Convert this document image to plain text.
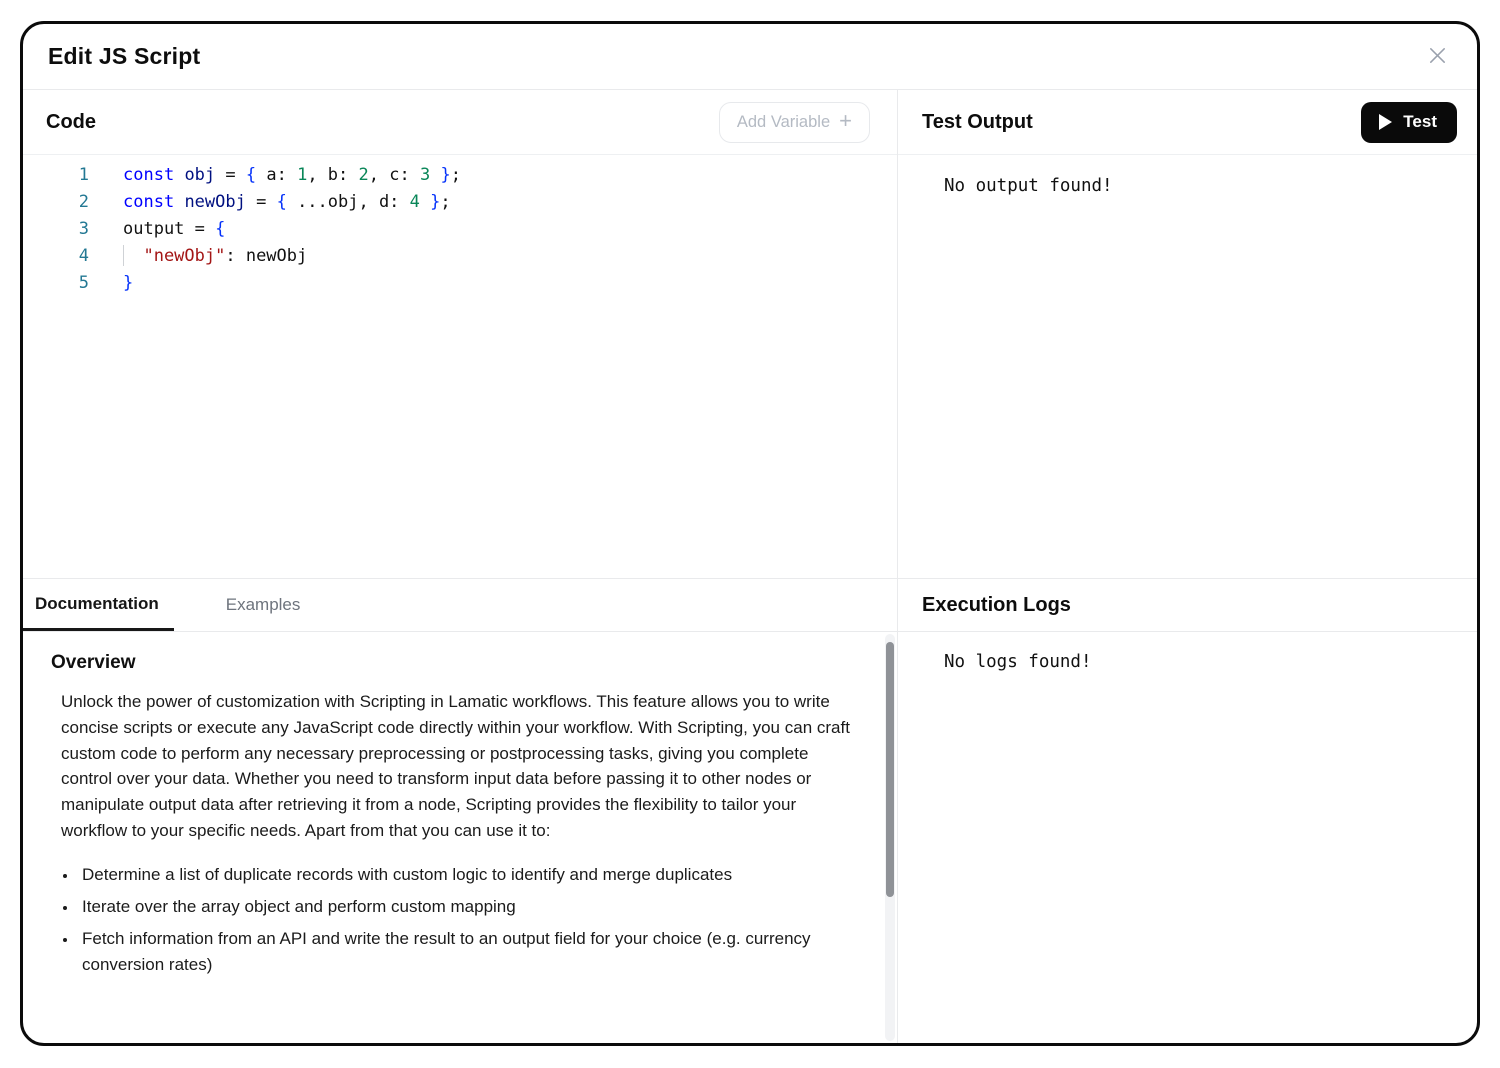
Edit JS Script
Code	Add Variable +
1 const obj = { a: 1, b: 2, c: 3 };
2 const newObj = { ...obj, d: 4 };
3 output = {
4	"newObj": newObj
5 }
Documentation	Examples
Overview

Unlock the power of customization with Scripting in Lamatic workflows. This feature allows you to write concise scripts or execute any JavaScript code directly within your workflow. With Scripting, you can craft custom code to perform any necessary preprocessing or postprocessing tasks, giving you complete control over your data. Whether you need to transform input data before passing it to other nodes or manipulate output data after retrieving it from a node, Scripting provides the flexibility to tailor your workflow to your specific needs. Apart from that you can use it to:

• Determine a list of duplicate records with custom logic to identify and merge duplicates
• Iterate over the array object and perform custom mapping
• Fetch information from an API and write the result to an output field for your choice (e.g. currency conversion rates)
Test Output	Test
No output found!
Execution Logs
No logs found!
